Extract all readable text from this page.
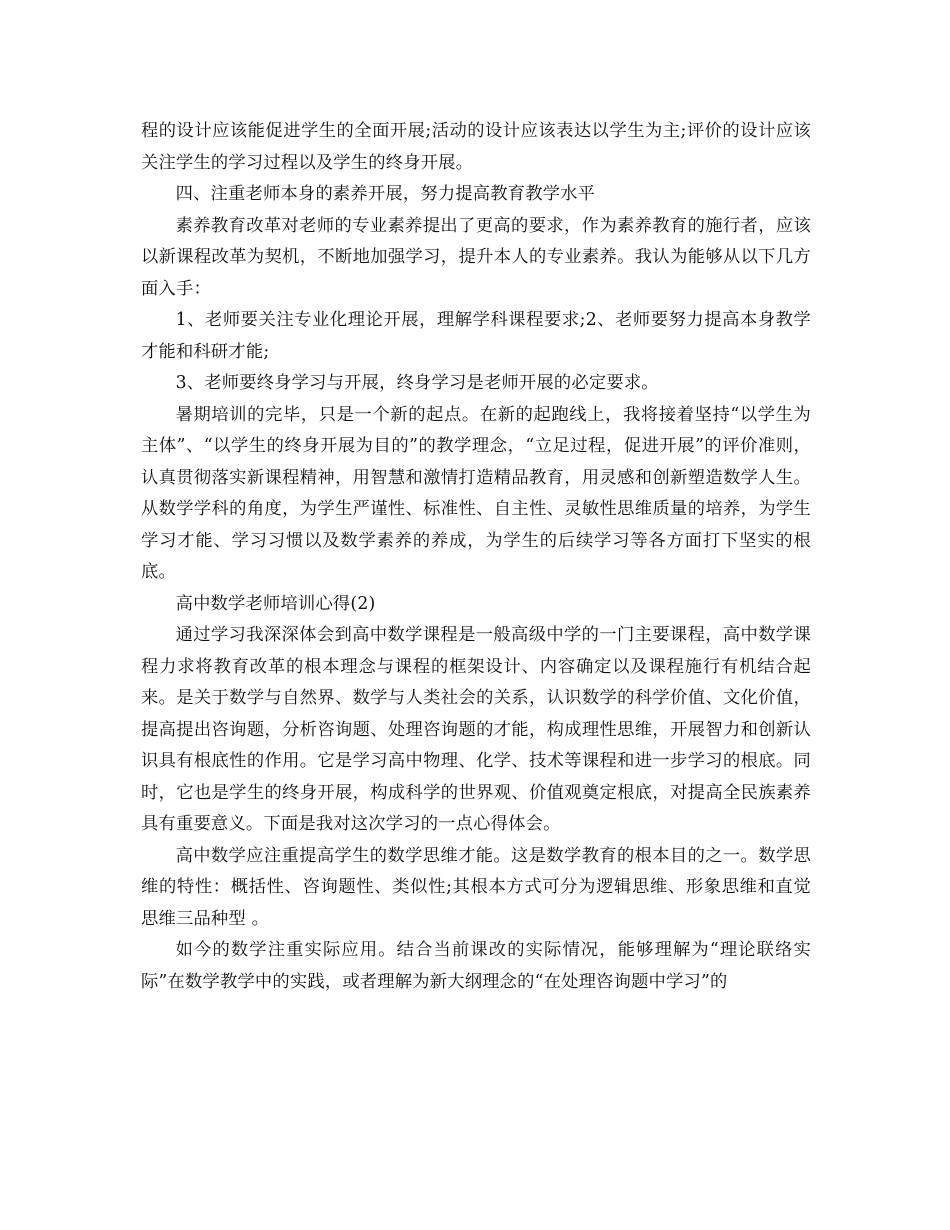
程的设计应该能促进学生的全面开展;活动的设计应该表达以学生为主;评价的设计应该关注学生的学习过程以及学生的终身开展。

四、注重老师本身的素养开展，努力提高教育教学水平

素养教育改革对老师的专业素养提出了更高的要求，作为素养教育的施行者，应该以新课程改革为契机，不断地加强学习，提升本人的专业素养。我认为能够从以下几方面入手：

1、老师要关注专业化理论开展，理解学科课程要求;2、老师要努力提高本身教学才能和科研才能;

3、老师要终身学习与开展，终身学习是老师开展的必定要求。

暑期培训的完毕，只是一个新的起点。在新的起跑线上，我将接着坚持“以学生为主体”、“以学生的终身开展为目的”的教学理念，“立足过程，促进开展”的评价准则，认真贯彻落实新课程精神，用智慧和激情打造精品教育，用灵感和创新塑造数学人生。从数学学科的角度，为学生严谨性、标准性、自主性、灵敏性思维质量的培养，为学生学习才能、学习习惯以及数学素养的养成，为学生的后续学习等各方面打下坚实的根底。

高中数学老师培训心得(2)

通过学习我深深体会到高中数学课程是一般高级中学的一门主要课程，高中数学课程力求将教育改革的根本理念与课程的框架设计、内容确定以及课程施行有机结合起来。是关于数学与自然界、数学与人类社会的关系，认识数学的科学价值、文化价值，提高提出咨询题，分析咨询题、处理咨询题的才能，构成理性思维，开展智力和创新认识具有根底性的作用。它是学习高中物理、化学、技术等课程和进一步学习的根底。同时，它也是学生的终身开展，构成科学的世界观、价值观奠定根底，对提高全民族素养具有重要意义。下面是我对这次学习的一点心得体会。

高中数学应注重提高学生的数学思维才能。这是数学教育的根本目的之一。数学思维的特性：概括性、咨询题性、类似性;其根本方式可分为逻辑思维、形象思维和直觉思维三品种型 。

如今的数学注重实际应用。结合当前课改的实际情况，能够理解为“理论联络实际”在数学教学中的实践，或者理解为新大纲理念的“在处理咨询题中学习”的
